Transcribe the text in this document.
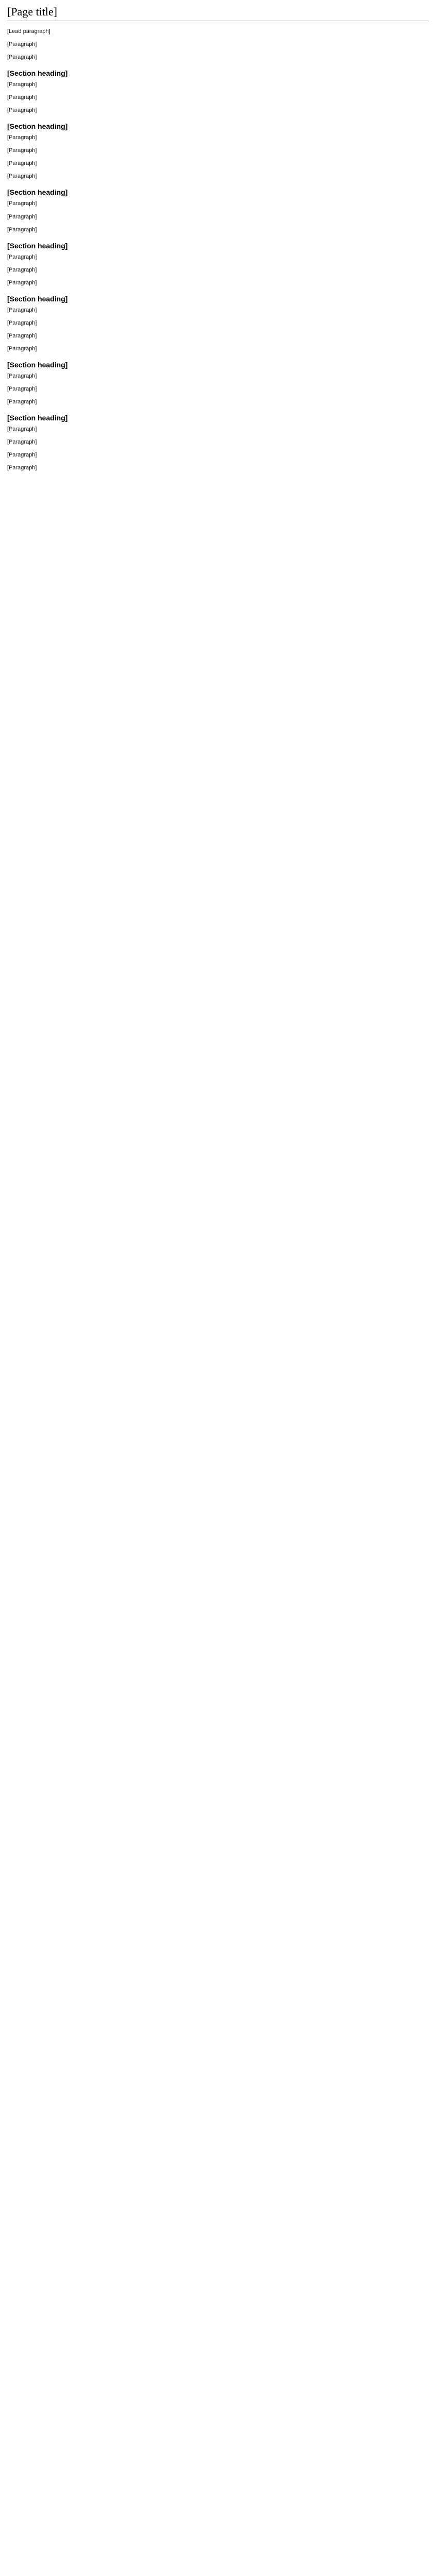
[Page title]

[Lead paragraph]

[Paragraph]

[Paragraph]

[Section heading]

[Paragraph]

[Paragraph]

[Paragraph]

[Section heading]

[Paragraph]

[Paragraph]

[Paragraph]

[Paragraph]

[Section heading]

[Paragraph]

[Paragraph]

[Paragraph]

[Section heading]

[Paragraph]

[Paragraph]

[Paragraph]

[Section heading]

[Paragraph]

[Paragraph]

[Paragraph]

[Paragraph]

[Section heading]

[Paragraph]

[Paragraph]

[Paragraph]

[Section heading]

[Paragraph]

[Paragraph]

[Paragraph]

[Paragraph]
